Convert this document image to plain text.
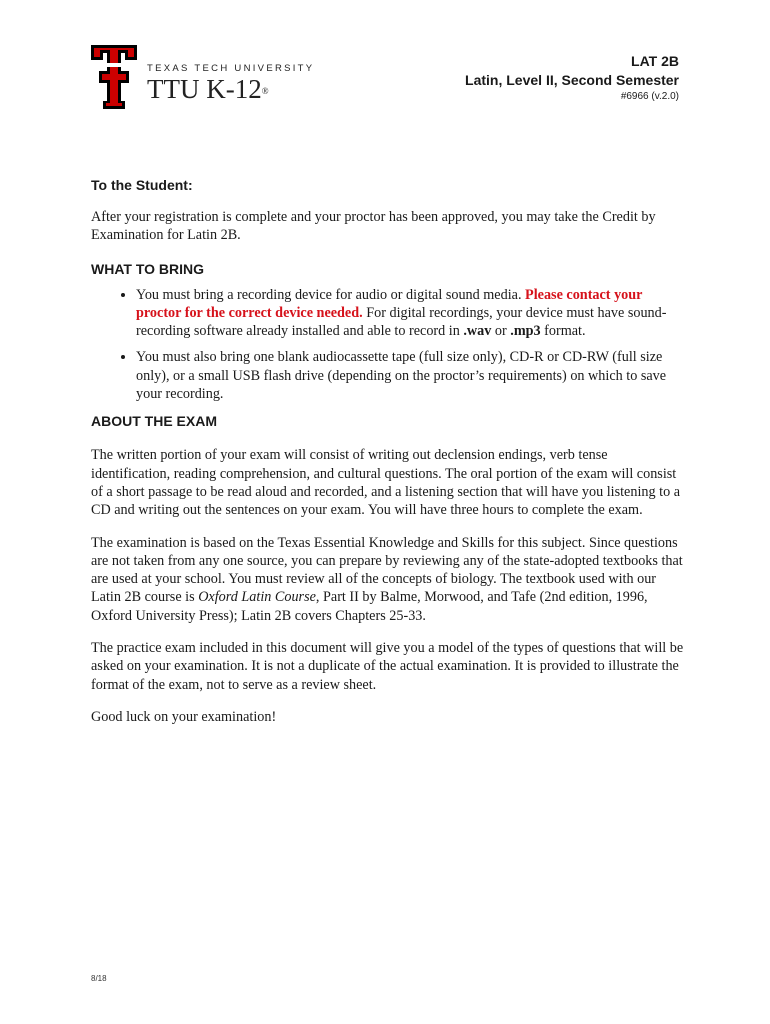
TEXAS TECH UNIVERSITY
TTU K-12®
LAT 2B
Latin, Level II, Second Semester
#6966 (v.2.0)
To the Student:

After your registration is complete and your proctor has been approved, you may take the Credit by Examination for Latin 2B.

WHAT TO BRING
• You must bring a recording device for audio or digital sound media. Please contact your proctor for the correct device needed. For digital recordings, your device must have sound-recording software already installed and able to record in .wav or .mp3 format.
• You must also bring one blank audiocassette tape (full size only), CD-R or CD-RW (full size only), or a small USB flash drive (depending on the proctor’s requirements) on which to save your recording.
ABOUT THE EXAM

The written portion of your exam will consist of writing out declension endings, verb tense identification, reading comprehension, and cultural questions. The oral portion of the exam will consist of a short passage to be read aloud and recorded, and a listening section that will have you listening to a CD and writing out the sentences on your exam. You will have three hours to complete the exam.

The examination is based on the Texas Essential Knowledge and Skills for this subject. Since questions are not taken from any one source, you can prepare by reviewing any of the state-adopted textbooks that are used at your school. You must review all of the concepts of biology. The textbook used with our Latin 2B course is Oxford Latin Course, Part II by Balme, Morwood, and Tafe (2nd edition, 1996, Oxford University Press); Latin 2B covers Chapters 25-33.

The practice exam included in this document will give you a model of the types of questions that will be asked on your examination. It is not a duplicate of the actual examination. It is provided to illustrate the format of the exam, not to serve as a review sheet.

Good luck on your examination!

8/18
